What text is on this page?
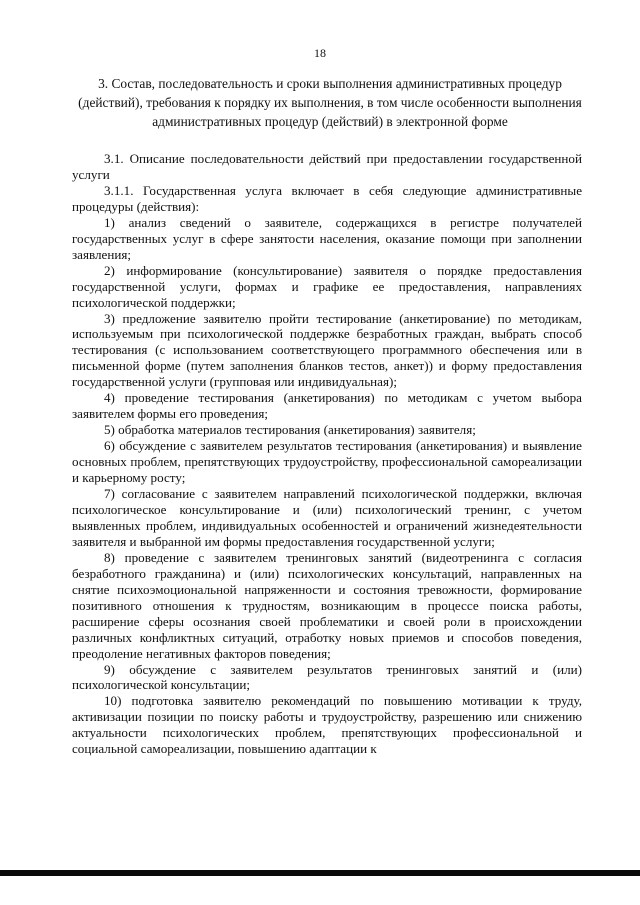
18
3. Состав, последовательность и сроки выполнения административных процедур (действий), требования к порядку их выполнения, в том числе особенности выполнения административных процедур (действий) в электронной форме

3.1. Описание последовательности действий при предоставлении государственной услуги

3.1.1. Государственная услуга включает в себя следующие административные процедуры (действия):

1) анализ сведений о заявителе, содержащихся в регистре получателей государственных услуг в сфере занятости населения, оказание помощи при заполнении заявления;

2) информирование (консультирование) заявителя о порядке предоставления государственной услуги, формах и графике ее предоставления, направлениях психологической поддержки;

3) предложение заявителю пройти тестирование (анкетирование) по методикам, используемым при психологической поддержке безработных граждан, выбрать способ тестирования (с использованием соответствующего программного обеспечения или в письменной форме (путем заполнения бланков тестов, анкет)) и форму предоставления государственной услуги (групповая или индивидуальная);

4) проведение тестирования (анкетирования) по методикам с учетом выбора заявителем формы его проведения;

5) обработка материалов тестирования (анкетирования) заявителя;

6) обсуждение с заявителем результатов тестирования (анкетирования) и выявление основных проблем, препятствующих трудоустройству, профессиональной самореализации и карьерному росту;

7) согласование с заявителем направлений психологической поддержки, включая психологическое консультирование и (или) психологический тренинг, с учетом выявленных проблем, индивидуальных особенностей и ограничений жизнедеятельности заявителя и выбранной им формы предоставления государственной услуги;

8) проведение с заявителем тренинговых занятий (видеотренинга с согласия безработного гражданина) и (или) психологических консультаций, направленных на снятие психоэмоциональной напряженности и состояния тревожности, формирование позитивного отношения к трудностям, возникающим в процессе поиска работы, расширение сферы осознания своей проблематики и своей роли в происхождении различных конфликтных ситуаций, отработку новых приемов и способов поведения, преодоление негативных факторов поведения;

9) обсуждение с заявителем результатов тренинговых занятий и (или) психологической консультации;

10) подготовка заявителю рекомендаций по повышению мотивации к труду, активизации позиции по поиску работы и трудоустройству, разрешению или снижению актуальности психологических проблем, препятствующих профессиональной и социальной самореализации, повышению адаптации к
